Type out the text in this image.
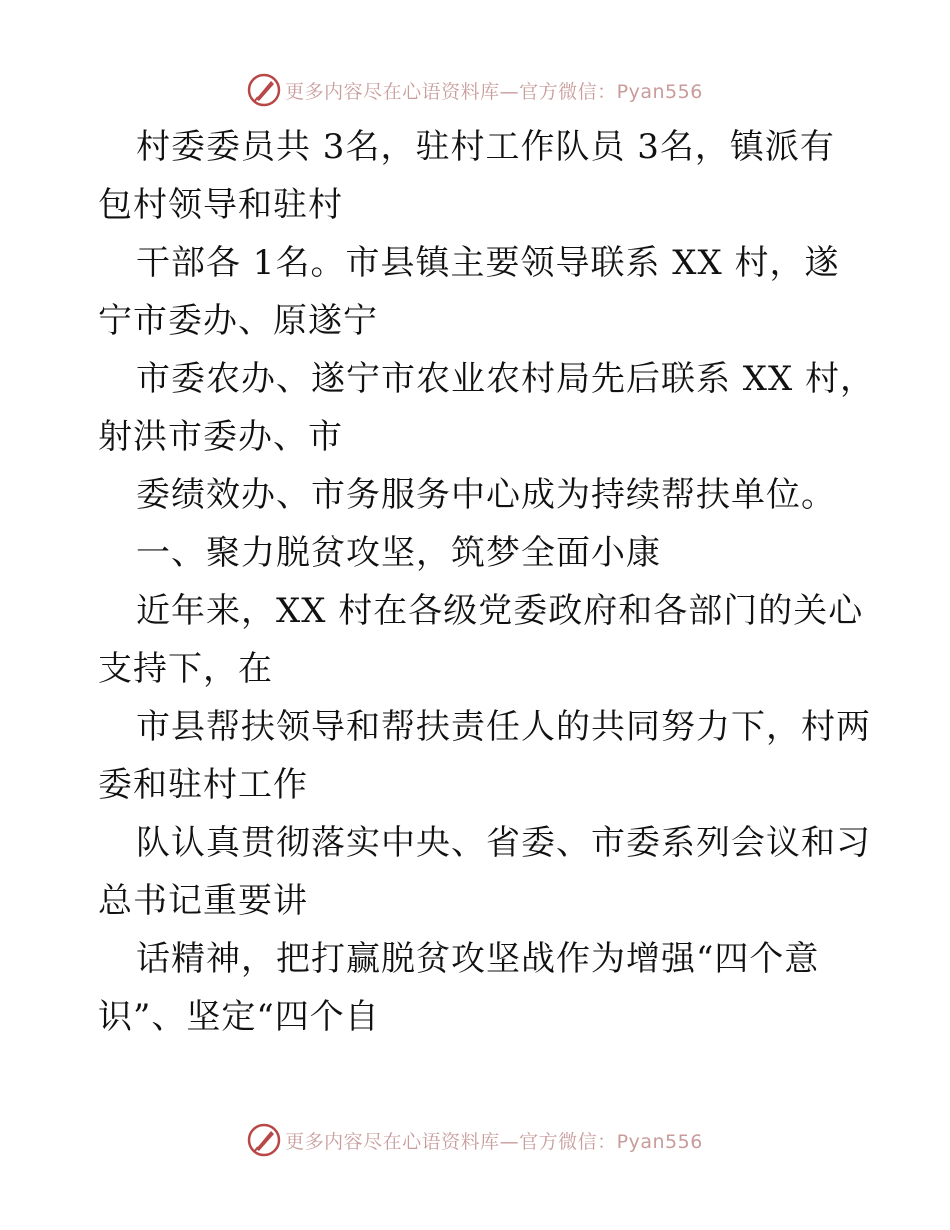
更多内容尽在心语资料库—官方微信：Pyan556

村委委员共 3名，驻村工作队员 3名，镇派有
包村领导和驻村

干部各 1名。市县镇主要领导联系 XX 村，遂
宁市委办、原遂宁

市委农办、遂宁市农业农村局先后联系 XX 村，
射洪市委办、市

委绩效办、市务服务中心成为持续帮扶单位。

一、聚力脱贫攻坚，筑梦全面小康

近年来，XX 村在各级党委政府和各部门的关心
支持下，在

市县帮扶领导和帮扶责任人的共同努力下，村两
委和驻村工作

队认真贯彻落实中央、省委、市委系列会议和习
总书记重要讲

话精神，把打赢脱贫攻坚战作为增强“四个意
识”、坚定“四个自

更多内容尽在心语资料库—官方微信：Pyan556
